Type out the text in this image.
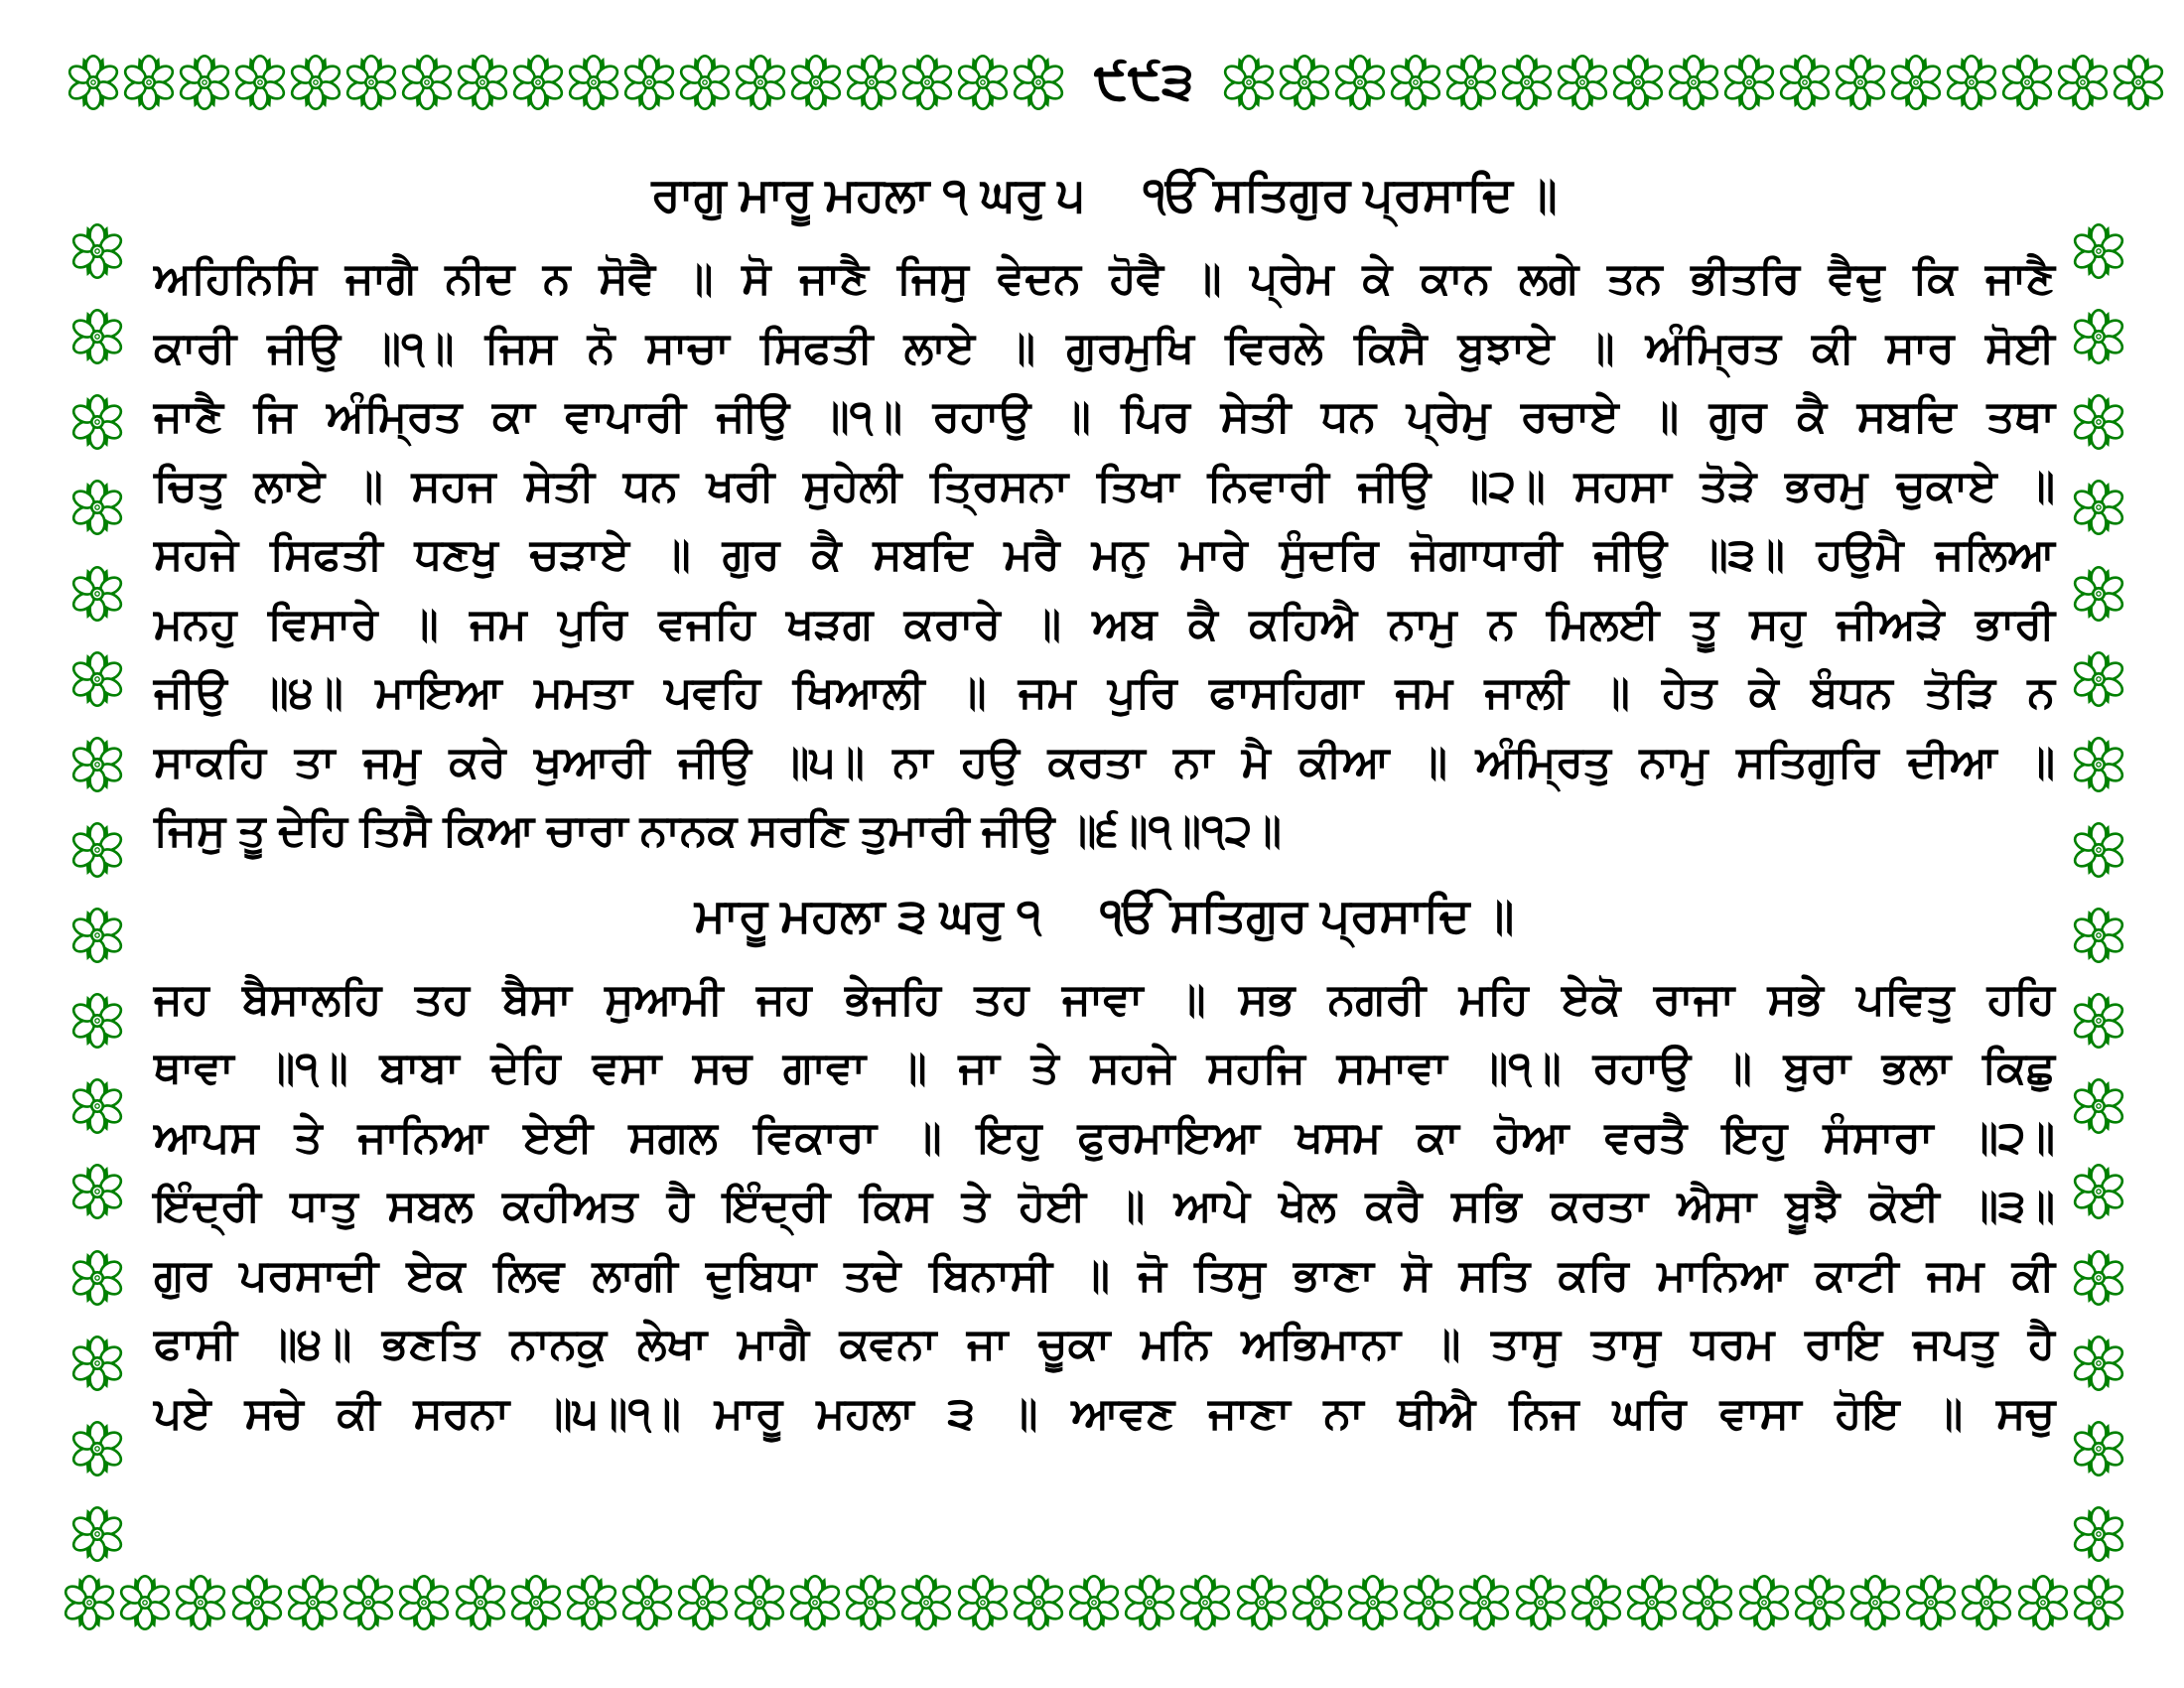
੯੯੩
ਰਾਗੁ ਮਾਰੂ ਮਹਲਾ ੧ ਘਰੁ ੫ ੴ ਸਤਿਗੁਰ ਪ੍ਰਸਾਦਿ ॥
ਅਹਿਨਿਸਿ ਜਾਗੈ ਨੀਦ ਨ ਸੋਵੈ ॥ ਸੋ ਜਾਣੈ ਜਿਸੁ ਵੇਦਨ ਹੋਵੈ ॥ ਪ੍ਰੇਮ ਕੇ ਕਾਨ ਲਗੇ ਤਨ ਭੀਤਰਿ ਵੈਦੁ ਕਿ ਜਾਣੈ
ਕਾਰੀ ਜੀਉ ॥੧॥ ਜਿਸ ਨੋ ਸਾਚਾ ਸਿਫਤੀ ਲਾਏ ॥ ਗੁਰਮੁਖਿ ਵਿਰਲੇ ਕਿਸੈ ਬੁਝਾਏ ॥ ਅੰਮ੍ਰਿਤ ਕੀ ਸਾਰ ਸੋਈ
ਜਾਣੈ ਜਿ ਅੰਮ੍ਰਿਤ ਕਾ ਵਾਪਾਰੀ ਜੀਉ ॥੧॥ ਰਹਾਉ ॥ ਪਿਰ ਸੇਤੀ ਧਨ ਪ੍ਰੇਮੁ ਰਚਾਏ ॥ ਗੁਰ ਕੈ ਸਬਦਿ ਤਥਾ
ਚਿਤੁ ਲਾਏ ॥ ਸਹਜ ਸੇਤੀ ਧਨ ਖਰੀ ਸੁਹੇਲੀ ਤ੍ਰਿਸਨਾ ਤਿਖਾ ਨਿਵਾਰੀ ਜੀਉ ॥੨॥ ਸਹਸਾ ਤੋੜੇ ਭਰਮੁ ਚੁਕਾਏ ॥
ਸਹਜੇ ਸਿਫਤੀ ਧਣਖੁ ਚੜਾਏ ॥ ਗੁਰ ਕੈ ਸਬਦਿ ਮਰੈ ਮਨੁ ਮਾਰੇ ਸੁੰਦਰਿ ਜੋਗਾਧਾਰੀ ਜੀਉ ॥੩॥ ਹਉਮੈ ਜਲਿਆ
ਮਨਹੁ ਵਿਸਾਰੇ ॥ ਜਮ ਪੁਰਿ ਵਜਹਿ ਖੜਗ ਕਰਾਰੇ ॥ ਅਬ ਕੈ ਕਹਿਐ ਨਾਮੁ ਨ ਮਿਲਈ ਤੂ ਸਹੁ ਜੀਅੜੇ ਭਾਰੀ
ਜੀਉ ॥੪॥ ਮਾਇਆ ਮਮਤਾ ਪਵਹਿ ਖਿਆਲੀ ॥ ਜਮ ਪੁਰਿ ਫਾਸਹਿਗਾ ਜਮ ਜਾਲੀ ॥ ਹੇਤ ਕੇ ਬੰਧਨ ਤੋੜਿ ਨ
ਸਾਕਹਿ ਤਾ ਜਮੁ ਕਰੇ ਖੁਆਰੀ ਜੀਉ ॥੫॥ ਨਾ ਹਉ ਕਰਤਾ ਨਾ ਮੈ ਕੀਆ ॥ ਅੰਮ੍ਰਿਤੁ ਨਾਮੁ ਸਤਿਗੁਰਿ ਦੀਆ ॥
ਜਿਸੁ ਤੂ ਦੇਹਿ ਤਿਸੈ ਕਿਆ ਚਾਰਾ ਨਾਨਕ ਸਰਣਿ ਤੁਮਾਰੀ ਜੀਉ ॥੬॥੧॥੧੨॥
ਮਾਰੂ ਮਹਲਾ ੩ ਘਰੁ ੧ ੴ ਸਤਿਗੁਰ ਪ੍ਰਸਾਦਿ ॥
ਜਹ ਬੈਸਾਲਹਿ ਤਹ ਬੈਸਾ ਸੁਆਮੀ ਜਹ ਭੇਜਹਿ ਤਹ ਜਾਵਾ ॥ ਸਭ ਨਗਰੀ ਮਹਿ ਏਕੋ ਰਾਜਾ ਸਭੇ ਪਵਿਤੁ ਹਹਿ
ਥਾਵਾ ॥੧॥ ਬਾਬਾ ਦੇਹਿ ਵਸਾ ਸਚ ਗਾਵਾ ॥ ਜਾ ਤੇ ਸਹਜੇ ਸਹਜਿ ਸਮਾਵਾ ॥੧॥ ਰਹਾਉ ॥ ਬੁਰਾ ਭਲਾ ਕਿਛੁ
ਆਪਸ ਤੇ ਜਾਨਿਆ ਏਈ ਸਗਲ ਵਿਕਾਰਾ ॥ ਇਹੁ ਫੁਰਮਾਇਆ ਖਸਮ ਕਾ ਹੋਆ ਵਰਤੈ ਇਹੁ ਸੰਸਾਰਾ ॥੨॥
ਇੰਦ੍ਰੀ ਧਾਤੁ ਸਬਲ ਕਹੀਅਤ ਹੈ ਇੰਦ੍ਰੀ ਕਿਸ ਤੇ ਹੋਈ ॥ ਆਪੇ ਖੇਲ ਕਰੈ ਸਭਿ ਕਰਤਾ ਐਸਾ ਬੂਝੈ ਕੋਈ ॥੩॥
ਗੁਰ ਪਰਸਾਦੀ ਏਕ ਲਿਵ ਲਾਗੀ ਦੁਬਿਧਾ ਤਦੇ ਬਿਨਾਸੀ ॥ ਜੋ ਤਿਸੁ ਭਾਣਾ ਸੋ ਸਤਿ ਕਰਿ ਮਾਨਿਆ ਕਾਟੀ ਜਮ ਕੀ
ਫਾਸੀ ॥੪॥ ਭਣਤਿ ਨਾਨਕੁ ਲੇਖਾ ਮਾਗੈ ਕਵਨਾ ਜਾ ਚੂਕਾ ਮਨਿ ਅਭਿਮਾਨਾ ॥ ਤਾਸੁ ਤਾਸੁ ਧਰਮ ਰਾਇ ਜਪਤੁ ਹੈ
ਪਏ ਸਚੇ ਕੀ ਸਰਨਾ ॥੫॥੧॥ ਮਾਰੂ ਮਹਲਾ ੩ ॥ ਆਵਣ ਜਾਣਾ ਨਾ ਥੀਐ ਨਿਜ ਘਰਿ ਵਾਸਾ ਹੋਇ ॥ ਸਚੁ
